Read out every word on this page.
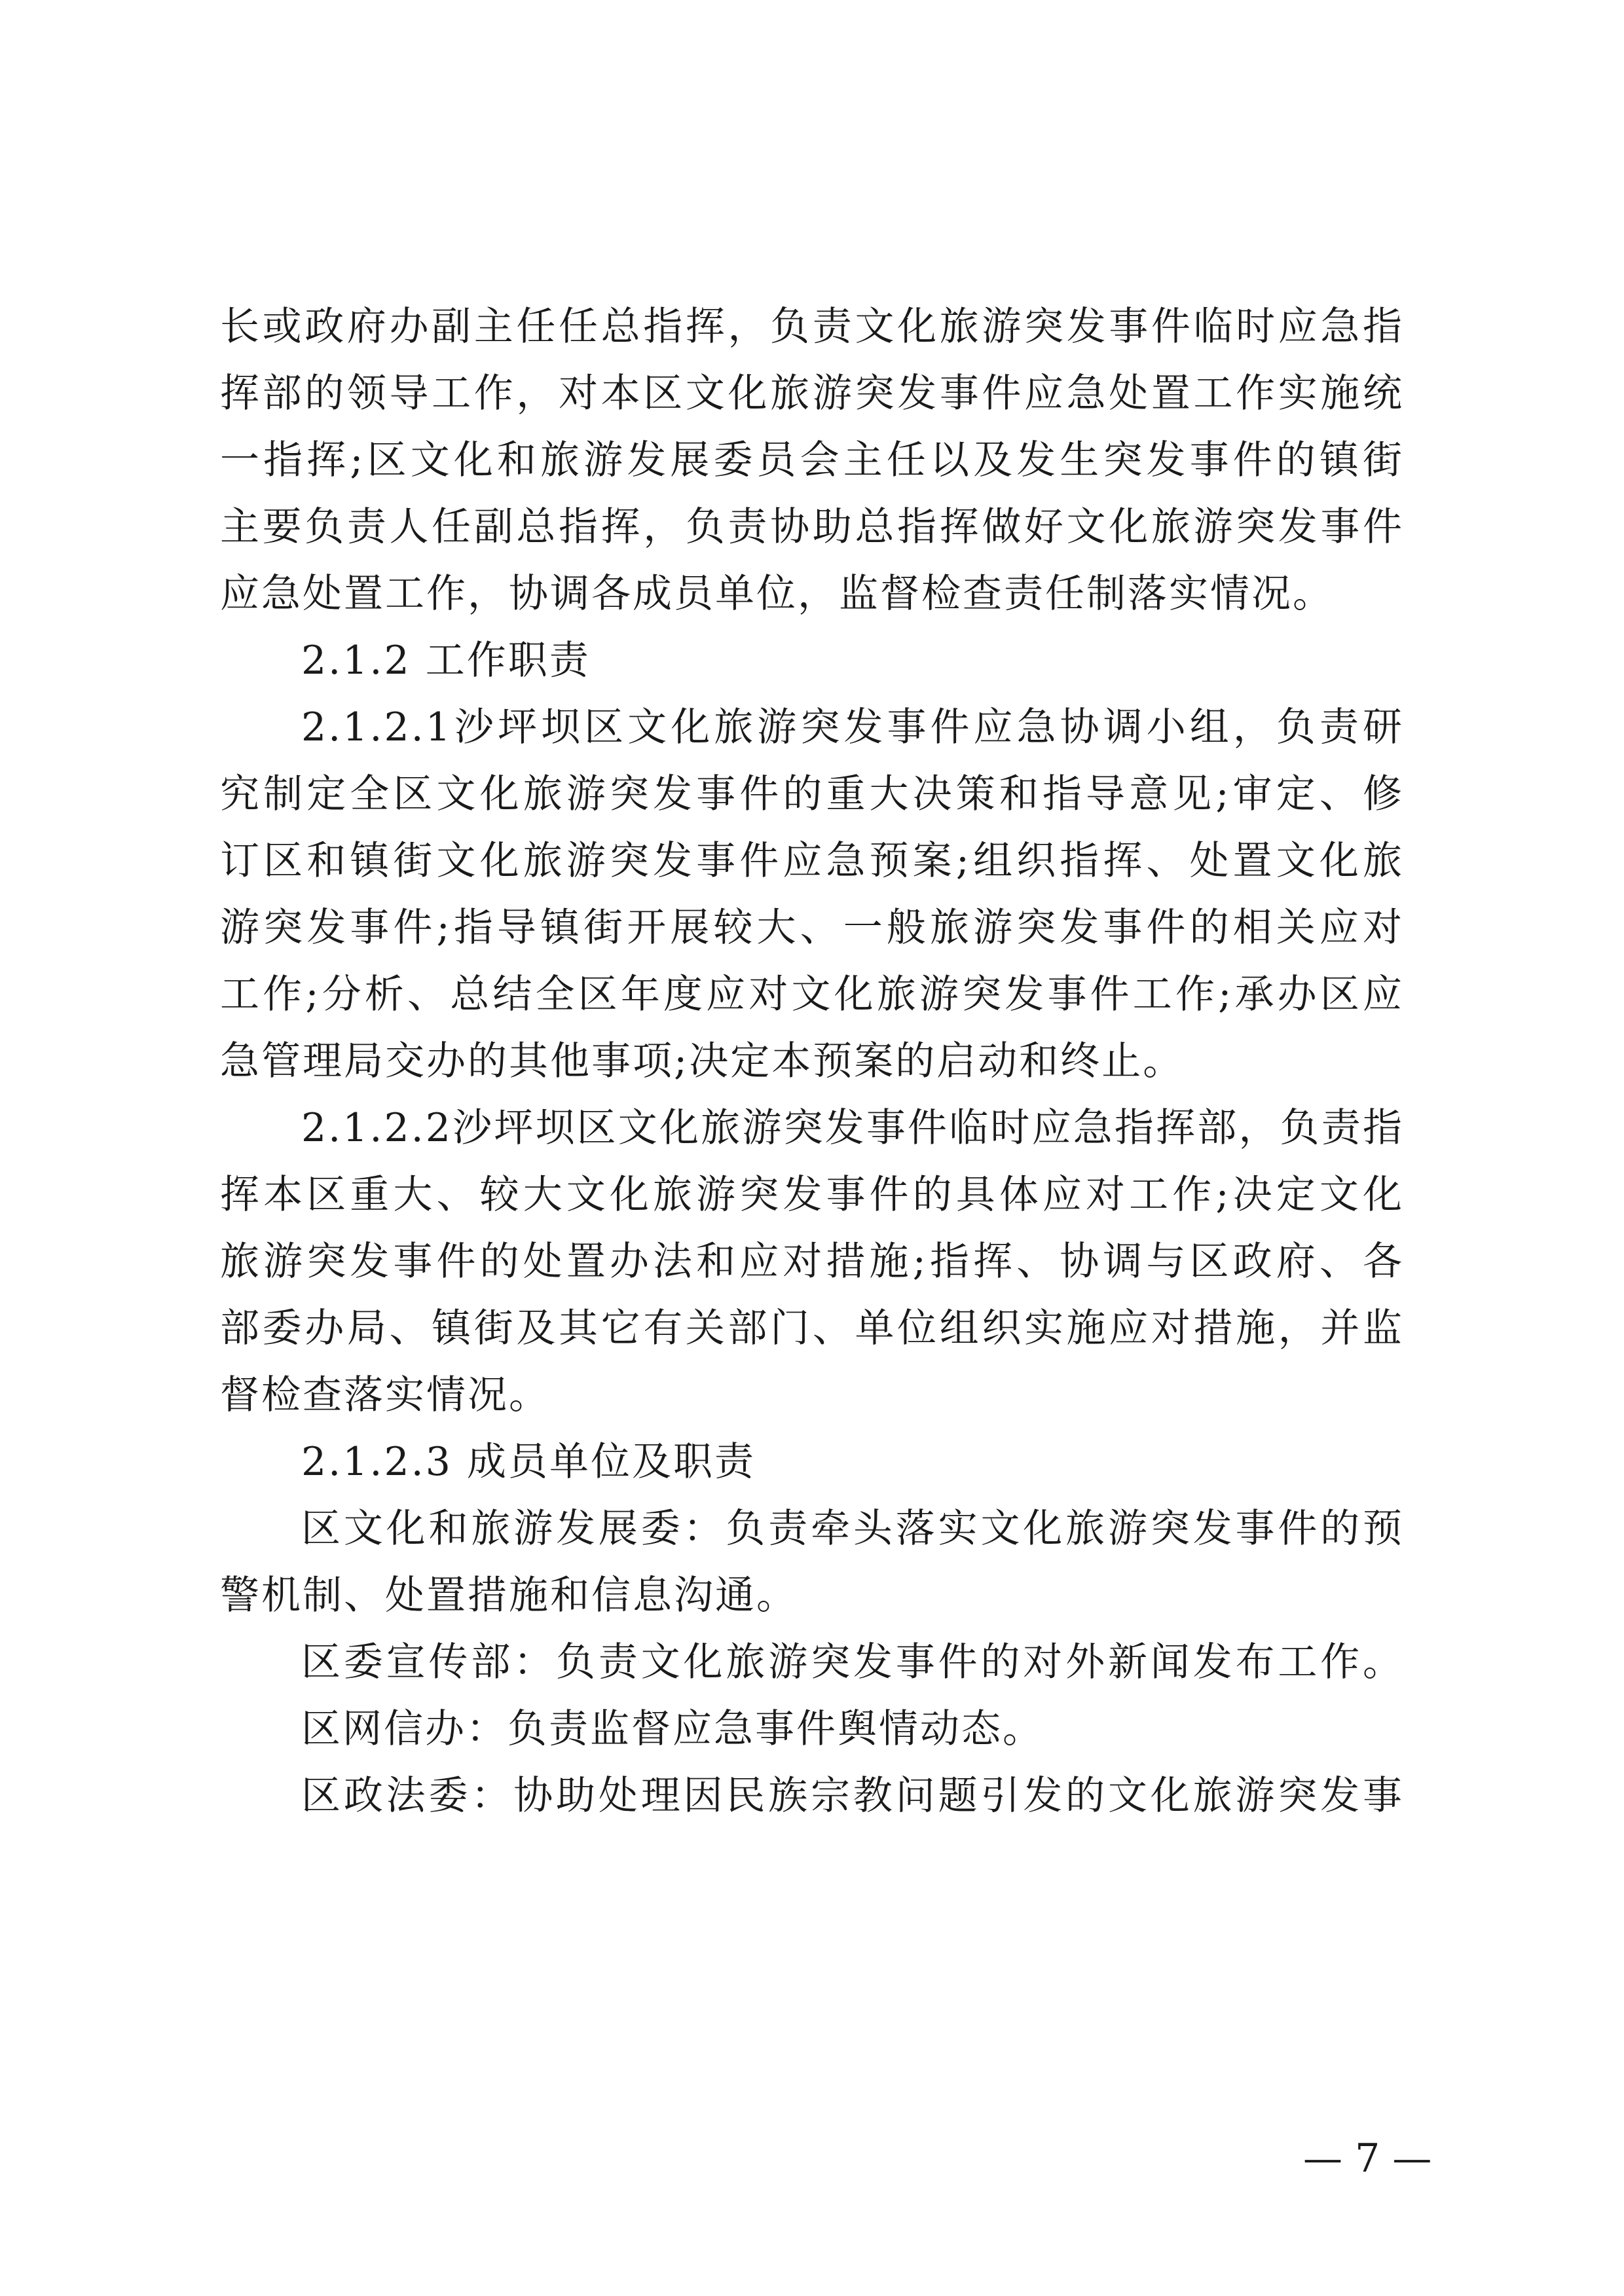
长或政府办副主任任总指挥，负责文化旅游突发事件临时应急指
挥部的领导工作，对本区文化旅游突发事件应急处置工作实施统
一指挥;区文化和旅游发展委员会主任以及发生突发事件的镇街
主要负责人任副总指挥，负责协助总指挥做好文化旅游突发事件
应急处置工作，协调各成员单位，监督检查责任制落实情况。
2.1.2 工作职责
2.1.2.1沙坪坝区文化旅游突发事件应急协调小组，负责研
究制定全区文化旅游突发事件的重大决策和指导意见;审定、修
订区和镇街文化旅游突发事件应急预案;组织指挥、处置文化旅
游突发事件;指导镇街开展较大、一般旅游突发事件的相关应对
工作;分析、总结全区年度应对文化旅游突发事件工作;承办区应
急管理局交办的其他事项;决定本预案的启动和终止。
2.1.2.2沙坪坝区文化旅游突发事件临时应急指挥部，负责指
挥本区重大、较大文化旅游突发事件的具体应对工作;决定文化
旅游突发事件的处置办法和应对措施;指挥、协调与区政府、各
部委办局、镇街及其它有关部门、单位组织实施应对措施，并监
督检查落实情况。
2.1.2.3 成员单位及职责
区文化和旅游发展委：负责牵头落实文化旅游突发事件的预
警机制、处置措施和信息沟通。
区委宣传部：负责文化旅游突发事件的对外新闻发布工作。
区网信办：负责监督应急事件舆情动态。
区政法委：协助处理因民族宗教问题引发的文化旅游突发事
— 7 —
